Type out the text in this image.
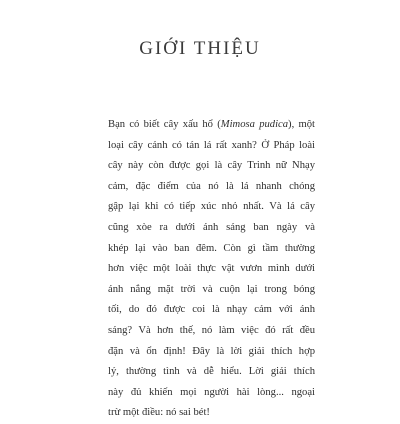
GIỚI THIỆU
Bạn có biết cây xấu hổ (Mimosa pudica), một
loại cây cảnh có tán lá rất xanh? Ở Pháp loài
cây này còn được gọi là cây Trinh nữ Nhạy
cảm, đặc điểm của nó là lá nhanh chóng
gập lại khi có tiếp xúc nhỏ nhất. Và lá cây
cũng xòe ra dưới ánh sáng ban ngày và
khép lại vào ban đêm. Còn gì tầm thường
hơn việc một loài thực vật vươn mình dưới
ánh nắng mặt trời và cuộn lại trong bóng
tối, do đó được coi là nhạy cảm với ánh
sáng? Và hơn thế, nó làm việc đó rất đều
đặn và ổn định! Đây là lời giải thích hợp
lý, thường tình và dễ hiểu. Lời giải thích
này đủ khiến mọi người hài lòng... ngoại
trừ một điều: nó sai bét!
